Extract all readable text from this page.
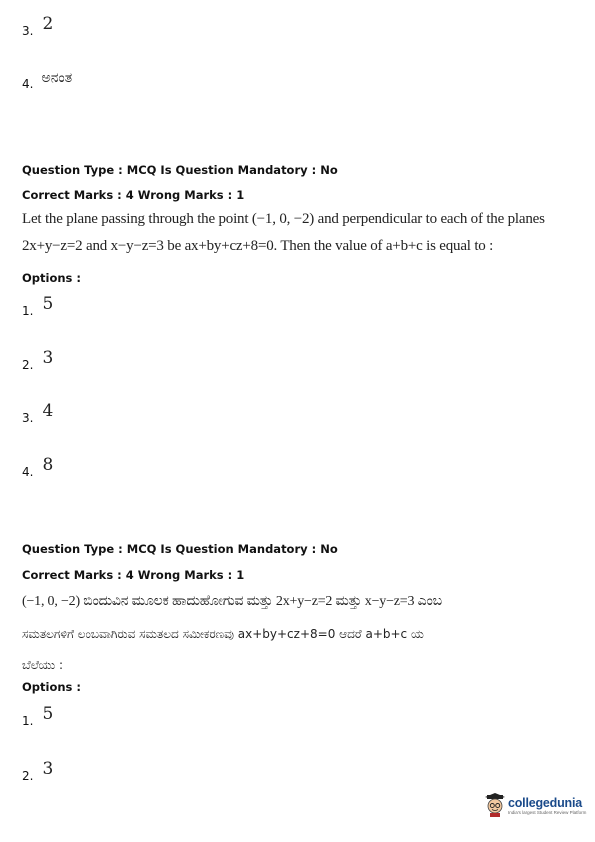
3. 2
4. ಅನಂತ
Question Type : MCQ Is Question Mandatory : No
Correct Marks : 4 Wrong Marks : 1
Let the plane passing through the point (−1, 0, −2) and perpendicular to each of the planes
2x+y−z=2 and x−y−z=3 be ax+by+cz+8=0. Then the value of a+b+c is equal to :
Options :
1. 5
2. 3
3. 4
4. 8
Question Type : MCQ Is Question Mandatory : No
Correct Marks : 4 Wrong Marks : 1
(−1, 0, −2) ಬಿಂದುವಿನ ಮೂಲಕ ಹಾದುಹೋಗುವ ಮತ್ತು 2x+y−z=2 ಮತ್ತು x−y−z=3 ಎಂಬ
ಸಮತಲಗಳಿಗೆ ಲಂಬವಾಗಿರುವ ಸಮತಲದ ಸಮೀಕರಣವು ax+by+cz+8=0 ಆದರೆ a+b+c ಯ
ಬೆಲೆಯು :
Options :
1. 5
2. 3
collegedunia
India's largest Student Review Platform
